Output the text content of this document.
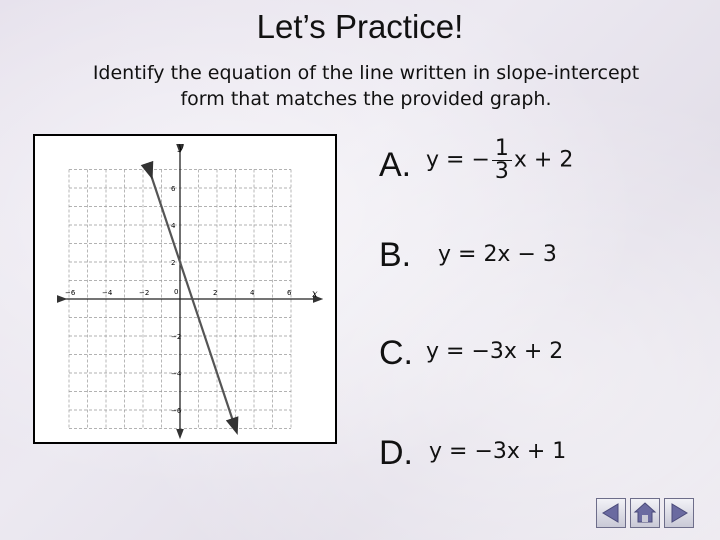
Let’s Practice!
Identify the equation of the line written in slope-intercept
form that matches the provided graph.
x
y
−6	−4	−2	0	2	4	6
6
4
2
−2
−4
−6
A. y = − $\frac{1}{3}$ x + 2
B. y = 2x − 3
C. y = −3x + 2
D. y = −3x + 1
